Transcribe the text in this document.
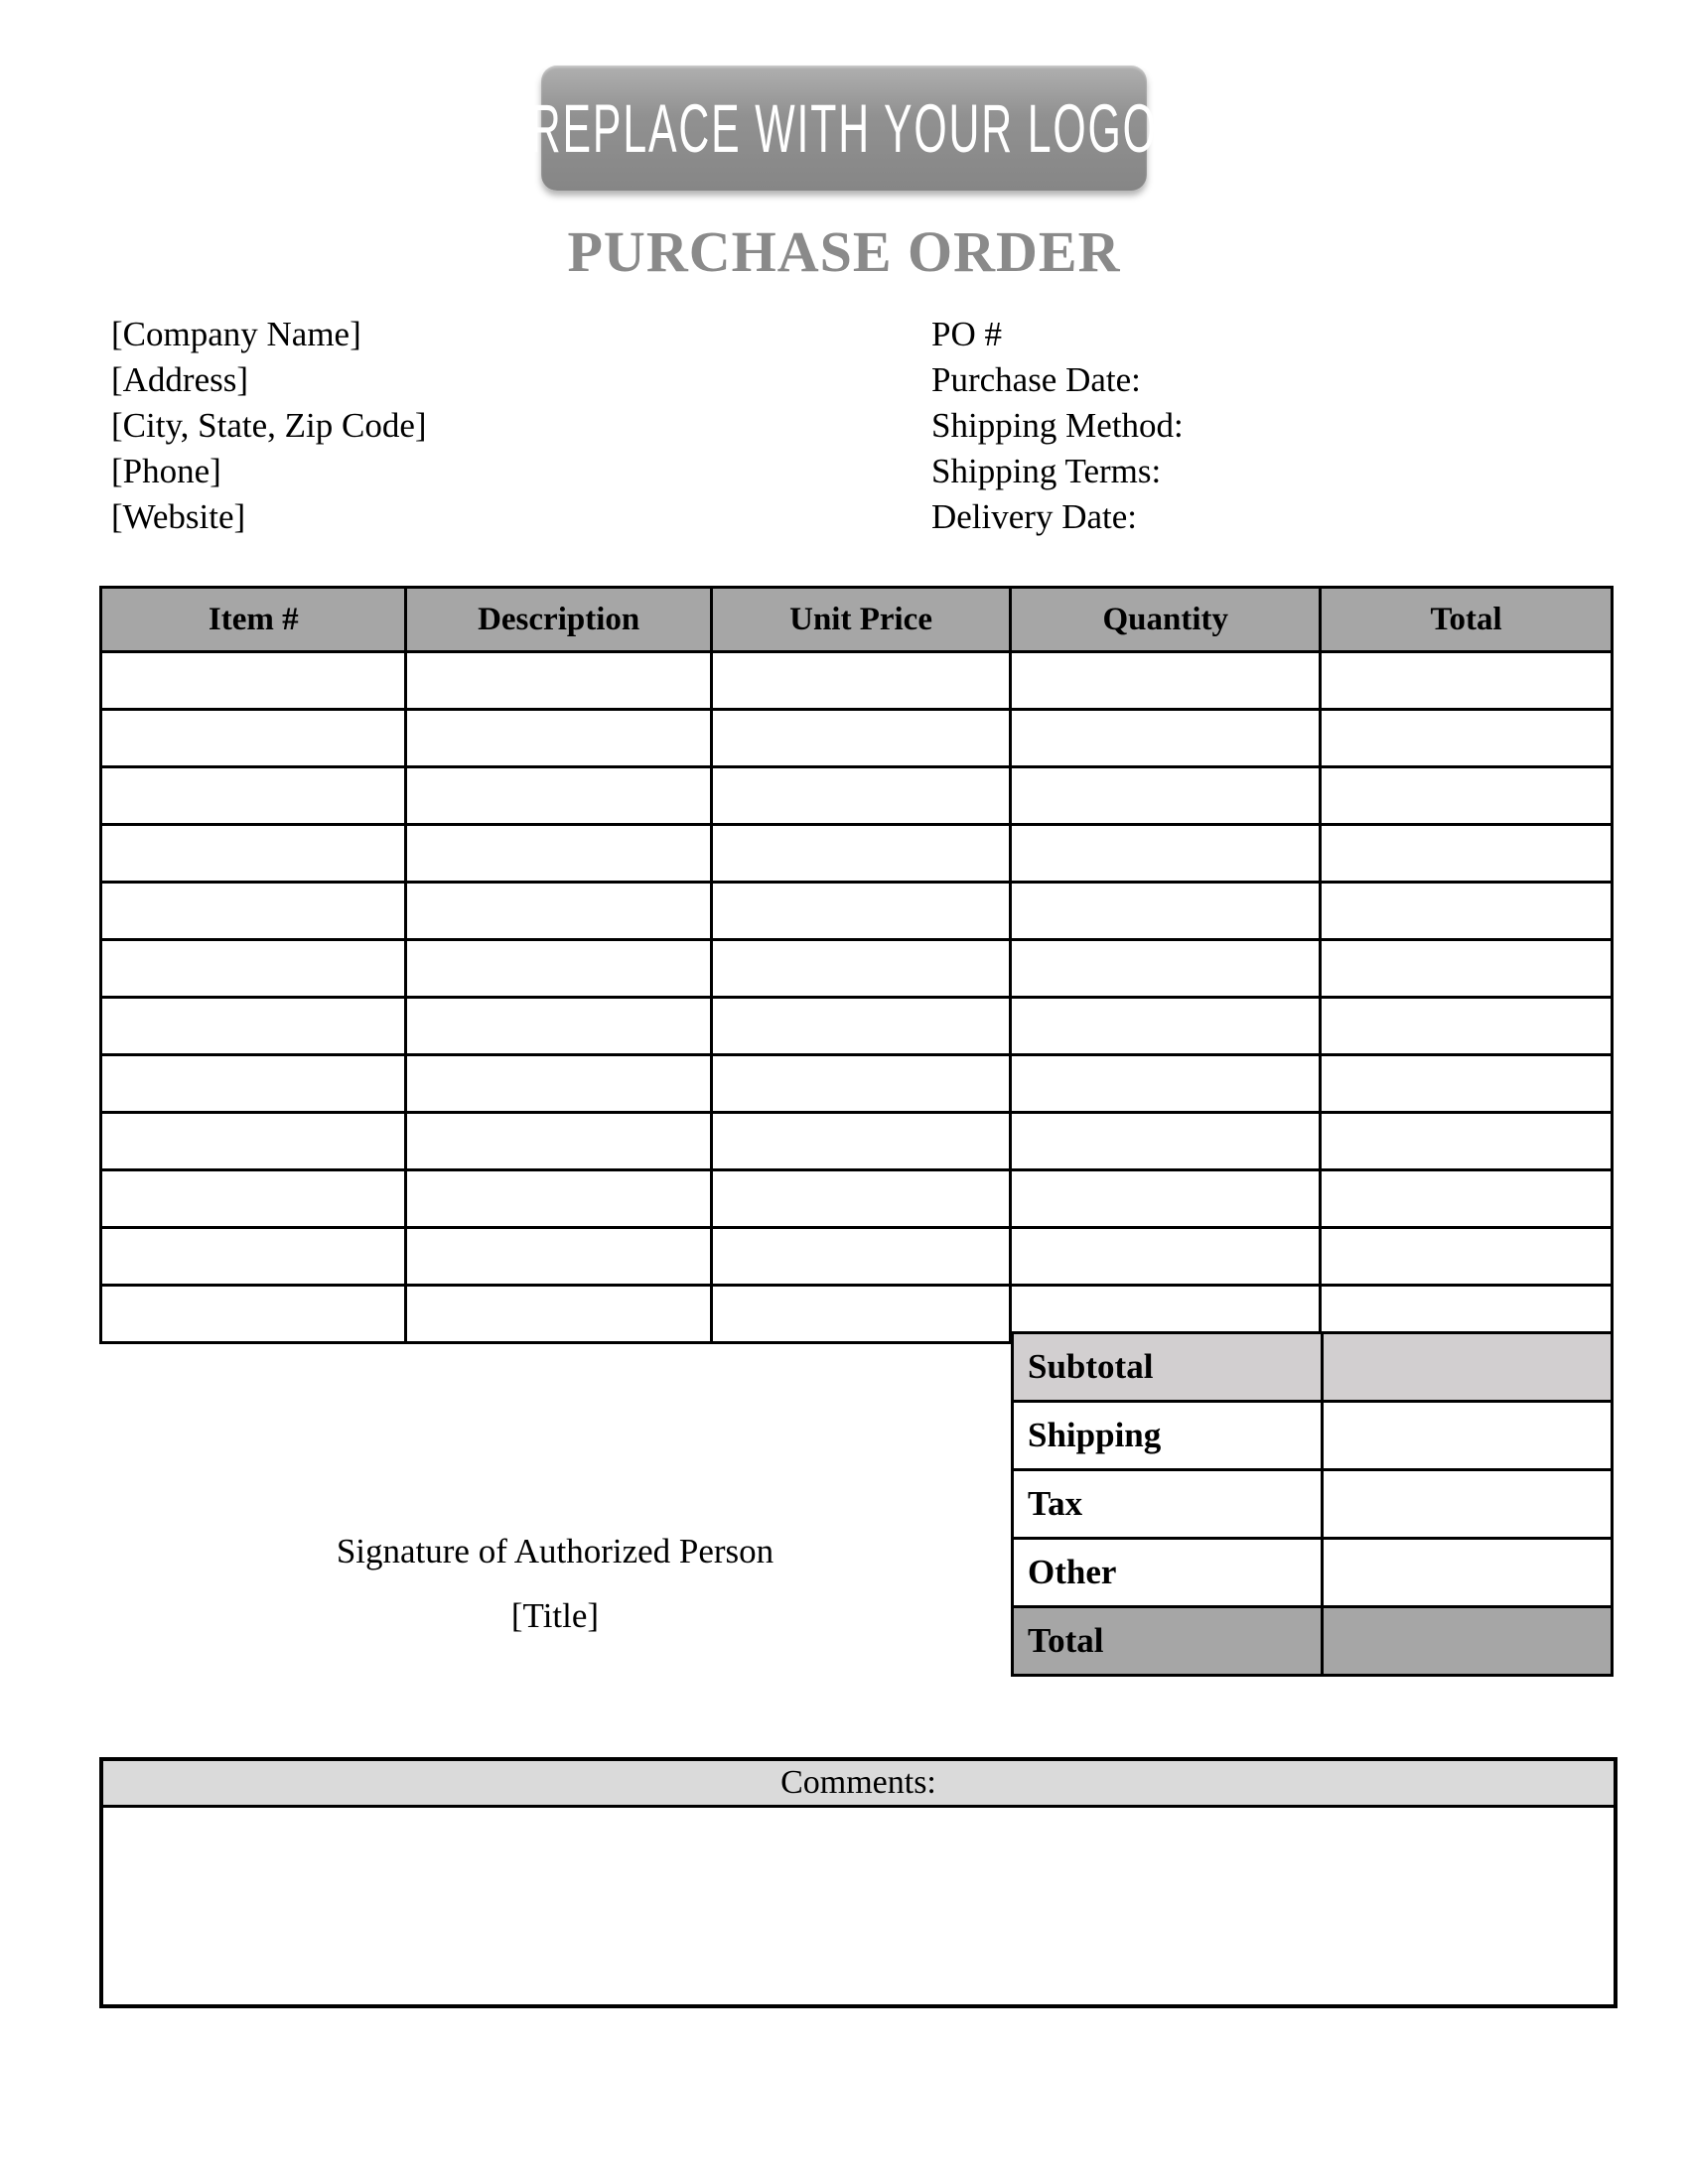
REPLACE WITH YOUR LOGO
PURCHASE ORDER
[Company Name]
[Address]
[City, State, Zip Code]
[Phone]
[Website]
PO #
Purchase Date:
Shipping Method:
Shipping Terms:
Delivery Date:
Item #	Description	Unit Price	Quantity	Total

Subtotal	
Shipping	
Tax	
Other	
Total	
Signature of Authorized Person
[Title]
Comments:
